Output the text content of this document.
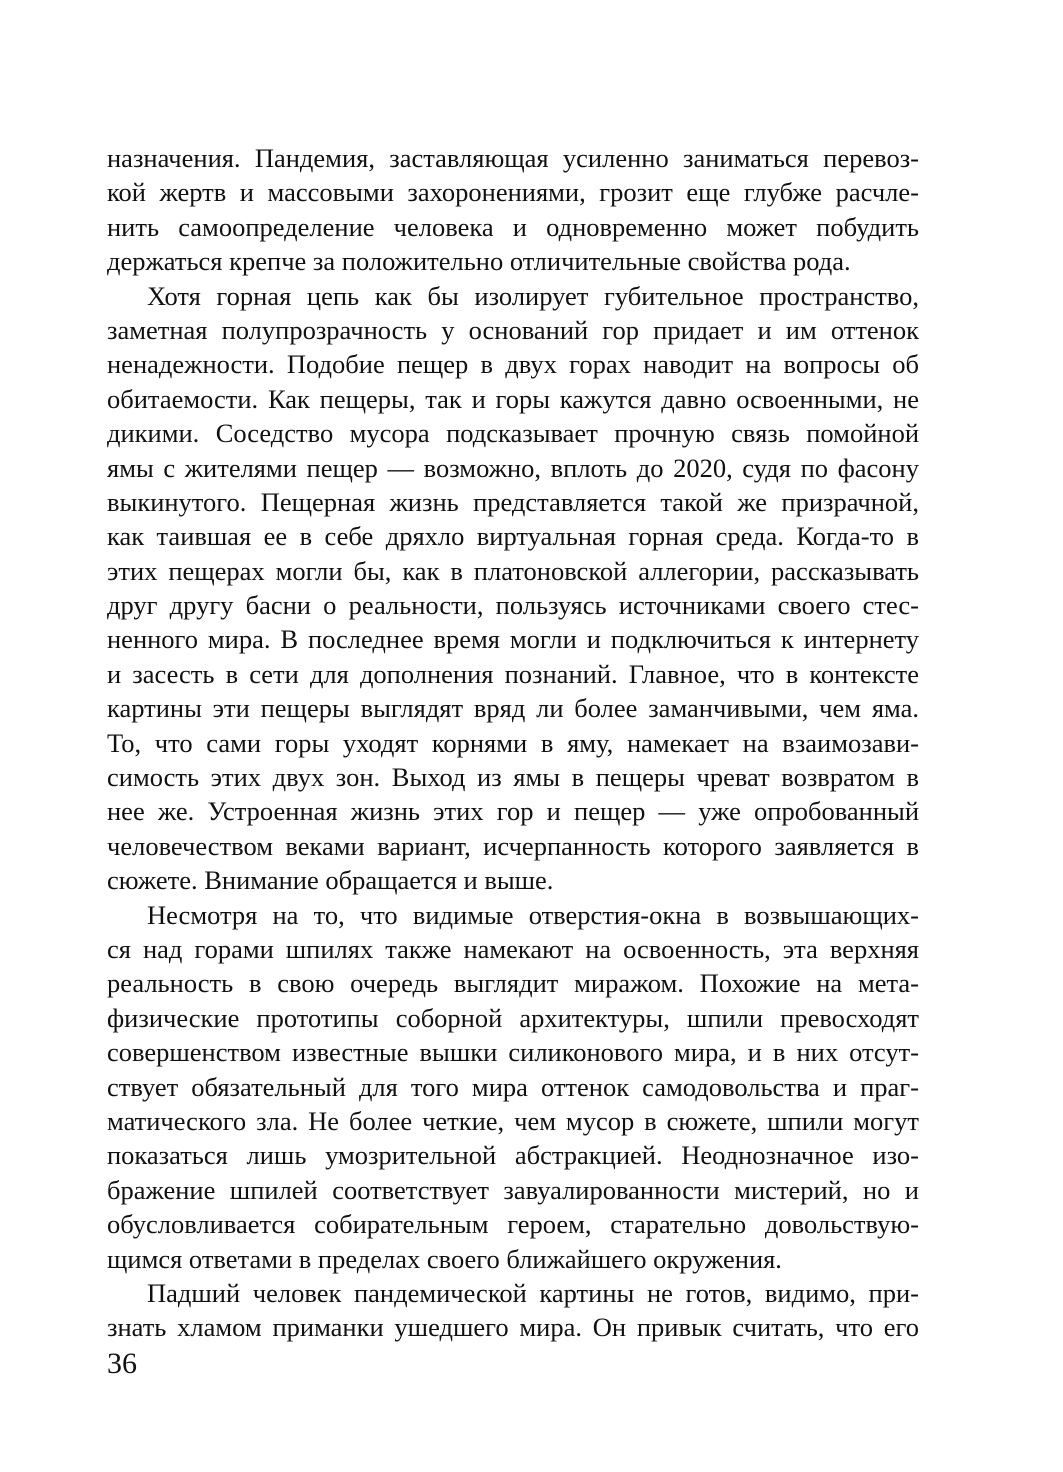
назначения. Пандемия, заставляющая усиленно заниматься перевоз-
кой жертв и массовыми захоронениями, грозит еще глубже расчле-
нить самоопределение человека и одновременно может побудить
держаться крепче за положительно отличительные свойства рода.
Хотя горная цепь как бы изолирует губительное пространство,
заметная полупрозрачность у оснований гор придает и им оттенок
ненадежности. Подобие пещер в двух горах наводит на вопросы об
обитаемости. Как пещеры, так и горы кажутся давно освоенными, не
дикими. Соседство мусора подсказывает прочную связь помойной
ямы с жителями пещер — возможно, вплоть до 2020, судя по фасону
выкинутого. Пещерная жизнь представляется такой же призрачной,
как таившая ее в себе дряхло виртуальная горная среда. Когда-то в
этих пещерах могли бы, как в платоновской аллегории, рассказывать
друг другу басни о реальности, пользуясь источниками своего стес-
ненного мира. В последнее время могли и подключиться к интернету
и засесть в сети для дополнения познаний. Главное, что в контексте
картины эти пещеры выглядят вряд ли более заманчивыми, чем яма.
То, что сами горы уходят корнями в яму, намекает на взаимозави-
симость этих двух зон. Выход из ямы в пещеры чреват возвратом в
нее же. Устроенная жизнь этих гор и пещер — уже опробованный
человечеством веками вариант, исчерпанность которого заявляется в
сюжете. Внимание обращается и выше.
Несмотря на то, что видимые отверстия-окна в возвышающих-
ся над горами шпилях также намекают на освоенность, эта верхняя
реальность в свою очередь выглядит миражом. Похожие на мета-
физические прототипы соборной архитектуры, шпили превосходят
совершенством известные вышки силиконового мира, и в них отсут-
ствует обязательный для того мира оттенок самодовольства и праг-
матического зла. Не более четкие, чем мусор в сюжете, шпили могут
показаться лишь умозрительной абстракцией. Неоднозначное изо-
бражение шпилей соответствует завуалированности мистерий, но и
обусловливается собирательным героем, старательно довольствую-
щимся ответами в пределах своего ближайшего окружения.
Падший человек пандемической картины не готов, видимо, при-
знать хламом приманки ушедшего мира. Он привык считать, что его
36
